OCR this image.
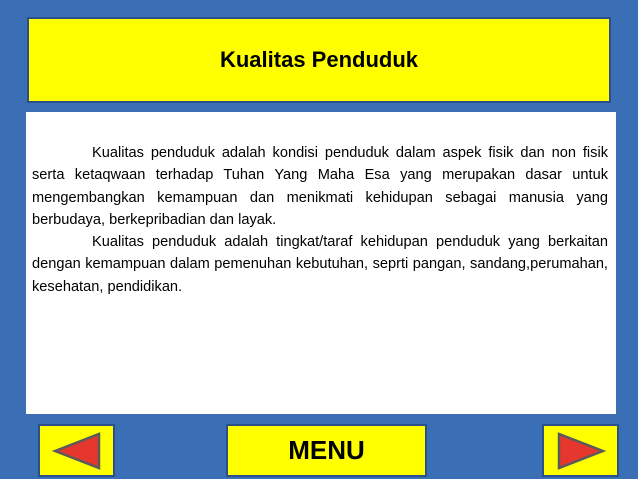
Kualitas Penduduk

Kualitas penduduk adalah kondisi penduduk dalam aspek fisik dan non fisik serta ketaqwaan terhadap Tuhan Yang Maha Esa yang merupakan dasar untuk mengembangkan kemampuan dan menikmati kehidupan sebagai manusia yang berbudaya, berkepribadian dan layak.

Kualitas penduduk adalah tingkat/taraf kehidupan penduduk yang berkaitan dengan kemampuan dalam pemenuhan kebutuhan, seprti pangan, sandang,perumahan, kesehatan, pendidikan.

MENU
